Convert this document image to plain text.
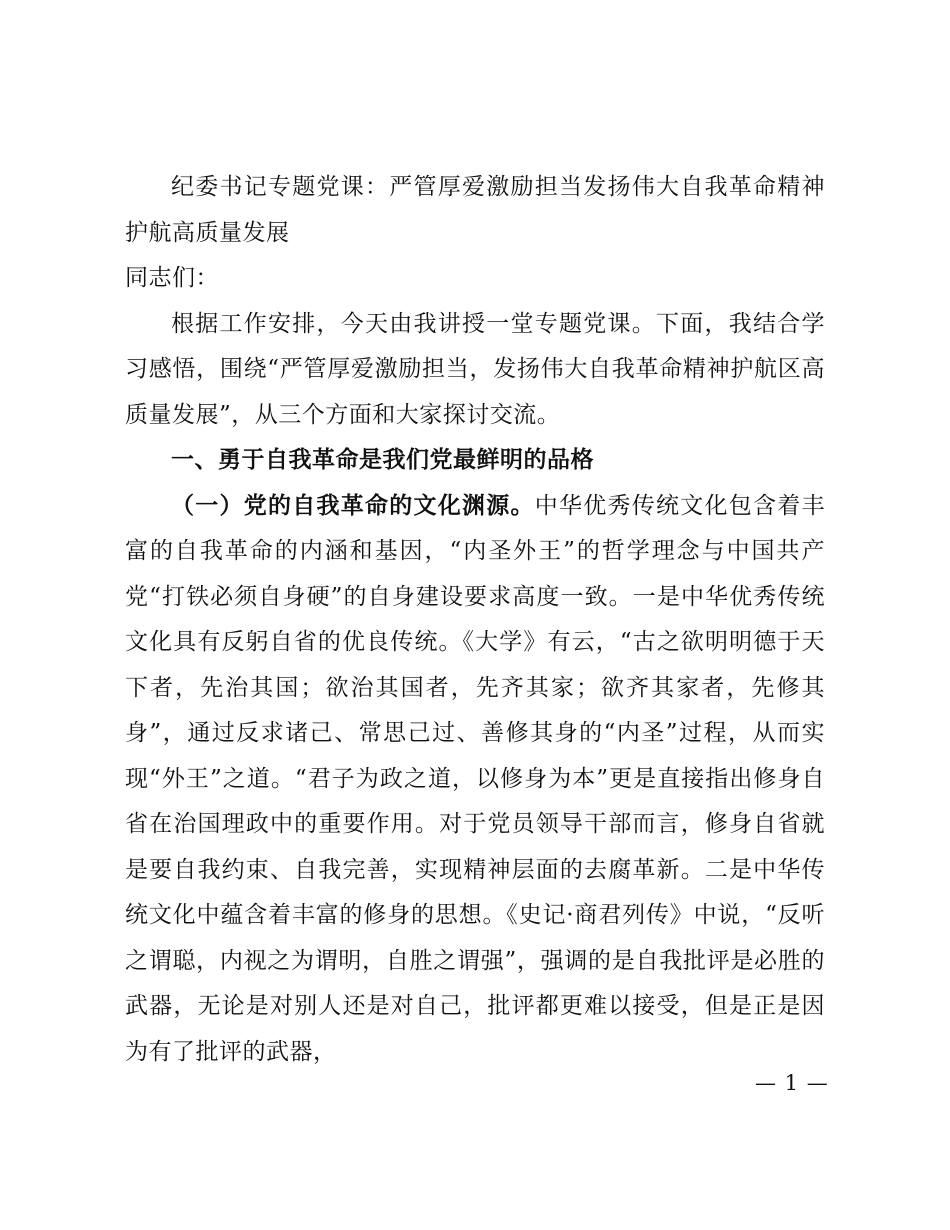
纪委书记专题党课：严管厚爱激励担当发扬伟大自我革命精神护航高质量发展

同志们：

根据工作安排，今天由我讲授一堂专题党课。下面，我结合学习感悟，围绕“严管厚爱激励担当，发扬伟大自我革命精神护航区高质量发展”，从三个方面和大家探讨交流。

一、勇于自我革命是我们党最鲜明的品格

（一）党的自我革命的文化渊源。中华优秀传统文化包含着丰富的自我革命的内涵和基因，“内圣外王”的哲学理念与中国共产党“打铁必须自身硬”的自身建设要求高度一致。一是中华优秀传统文化具有反躬自省的优良传统。《大学》有云，“古之欲明明德于天下者，先治其国；欲治其国者，先齐其家；欲齐其家者，先修其身”，通过反求诸己、常思己过、善修其身的“内圣”过程，从而实现“外王”之道。“君子为政之道，以修身为本”更是直接指出修身自省在治国理政中的重要作用。对于党员领导干部而言，修身自省就是要自我约束、自我完善，实现精神层面的去腐革新。二是中华传统文化中蕴含着丰富的修身的思想。《史记·商君列传》中说，“反听之谓聪，内视之为谓明，自胜之谓强”，强调的是自我批评是必胜的武器，无论是对别人还是对自己，批评都更难以接受，但是正是因为有了批评的武器，

— 1 —
